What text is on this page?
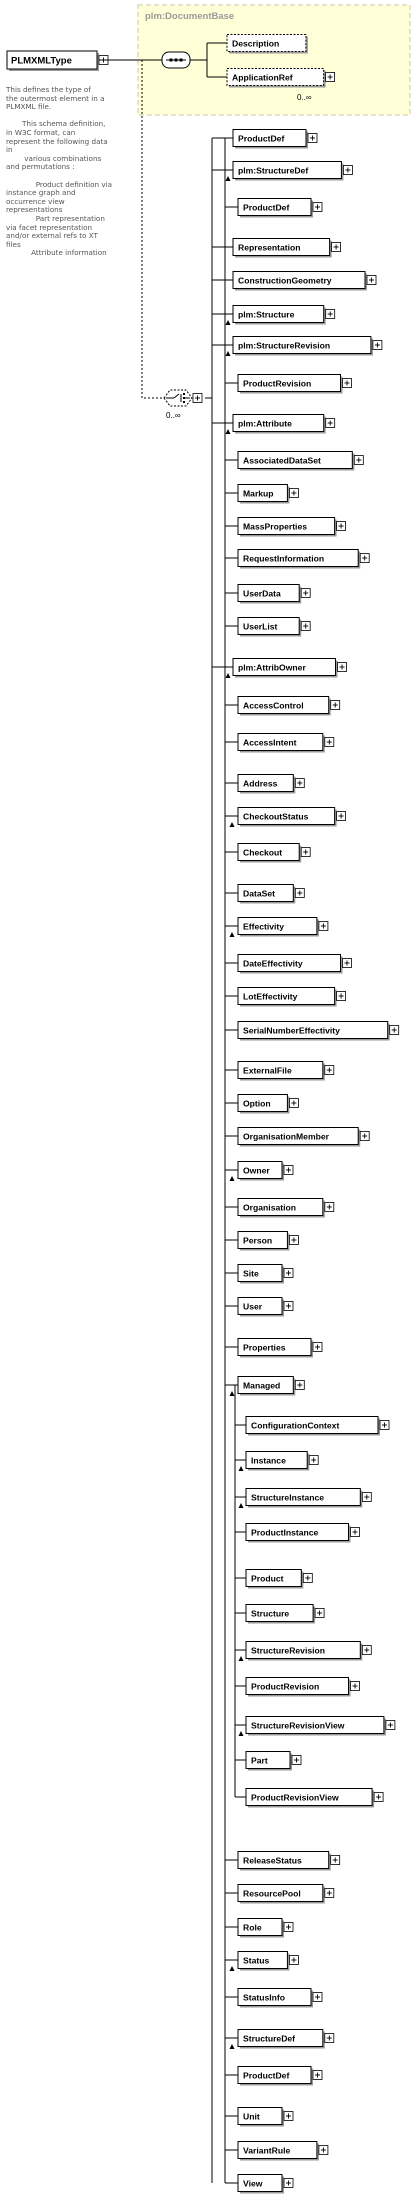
PLMXMLType
plm:DocumentBase
Description
ApplicationRef
0..∞
0..∞
ProductDef
plm:StructureDef
ProductDef
Representation
ConstructionGeometry
plm:Structure
plm:StructureRevision
ProductRevision
plm:Attribute
AssociatedDataSet
Markup
MassProperties
RequestInformation
UserData
UserList
plm:AttribOwner
AccessControl
AccessIntent
Address
CheckoutStatus
Checkout
DataSet
Effectivity
DateEffectivity
LotEffectivity
SerialNumberEffectivity
ExternalFile
Option
OrganisationMember
Owner
Organisation
Person
Site
User
Properties
Managed
ConfigurationContext
Instance
StructureInstance
ProductInstance
Product
Structure
StructureRevision
ProductRevision
StructureRevisionView
Part
ProductRevisionView
ReleaseStatus
ResourcePool
Role
Status
StatusInfo
StructureDef
ProductDef
Unit
VariantRule
View
This defines the type of
the outermost element in a
PLMXML file.

This schema definition,
in W3C format, can
represent the following data
in
various combinations
and permutations :

Product definition via
instance graph and
occurrence view
representations
Part representation
via facet representation
and/or external refs to XT
files
Attribute information
